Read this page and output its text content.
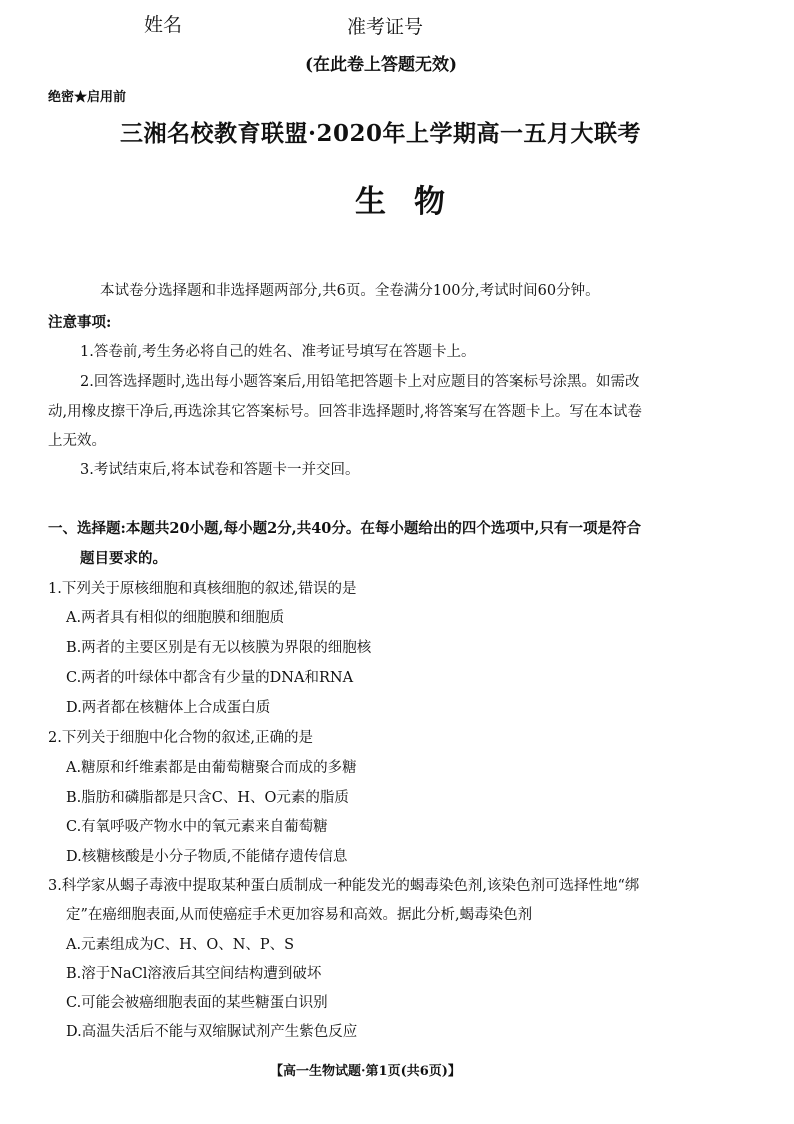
姓名	准考证号
(在此卷上答题无效)
绝密★启用前
三湘名校教育联盟·2020年上学期高一五月大联考
生物
本试卷分选择题和非选择题两部分,共6页。全卷满分100分,考试时间60分钟。
注意事项:
1.答卷前,考生务必将自己的姓名、准考证号填写在答题卡上。
2.回答选择题时,选出每小题答案后,用铅笔把答题卡上对应题目的答案标号涂黑。如需改
动,用橡皮擦干净后,再选涂其它答案标号。回答非选择题时,将答案写在答题卡上。写在本试卷
上无效。
3.考试结束后,将本试卷和答题卡一并交回。
一、选择题:本题共20小题,每小题2分,共40分。在每小题给出的四个选项中,只有一项是符合
题目要求的。
1.下列关于原核细胞和真核细胞的叙述,错误的是
A.两者具有相似的细胞膜和细胞质
B.两者的主要区别是有无以核膜为界限的细胞核
C.两者的叶绿体中都含有少量的DNA和RNA
D.两者都在核糖体上合成蛋白质
2.下列关于细胞中化合物的叙述,正确的是
A.糖原和纤维素都是由葡萄糖聚合而成的多糖
B.脂肪和磷脂都是只含C、H、O元素的脂质
C.有氧呼吸产物水中的氧元素来自葡萄糖
D.核糖核酸是小分子物质,不能储存遗传信息
3.科学家从蝎子毒液中提取某种蛋白质制成一种能发光的蝎毒染色剂,该染色剂可选择性地“绑
定”在癌细胞表面,从而使癌症手术更加容易和高效。据此分析,蝎毒染色剂
A.元素组成为C、H、O、N、P、S
B.溶于NaCl溶液后其空间结构遭到破坏
C.可能会被癌细胞表面的某些糖蛋白识别
D.高温失活后不能与双缩脲试剂产生紫色反应
【高一生物试题·第1页(共6页)】
